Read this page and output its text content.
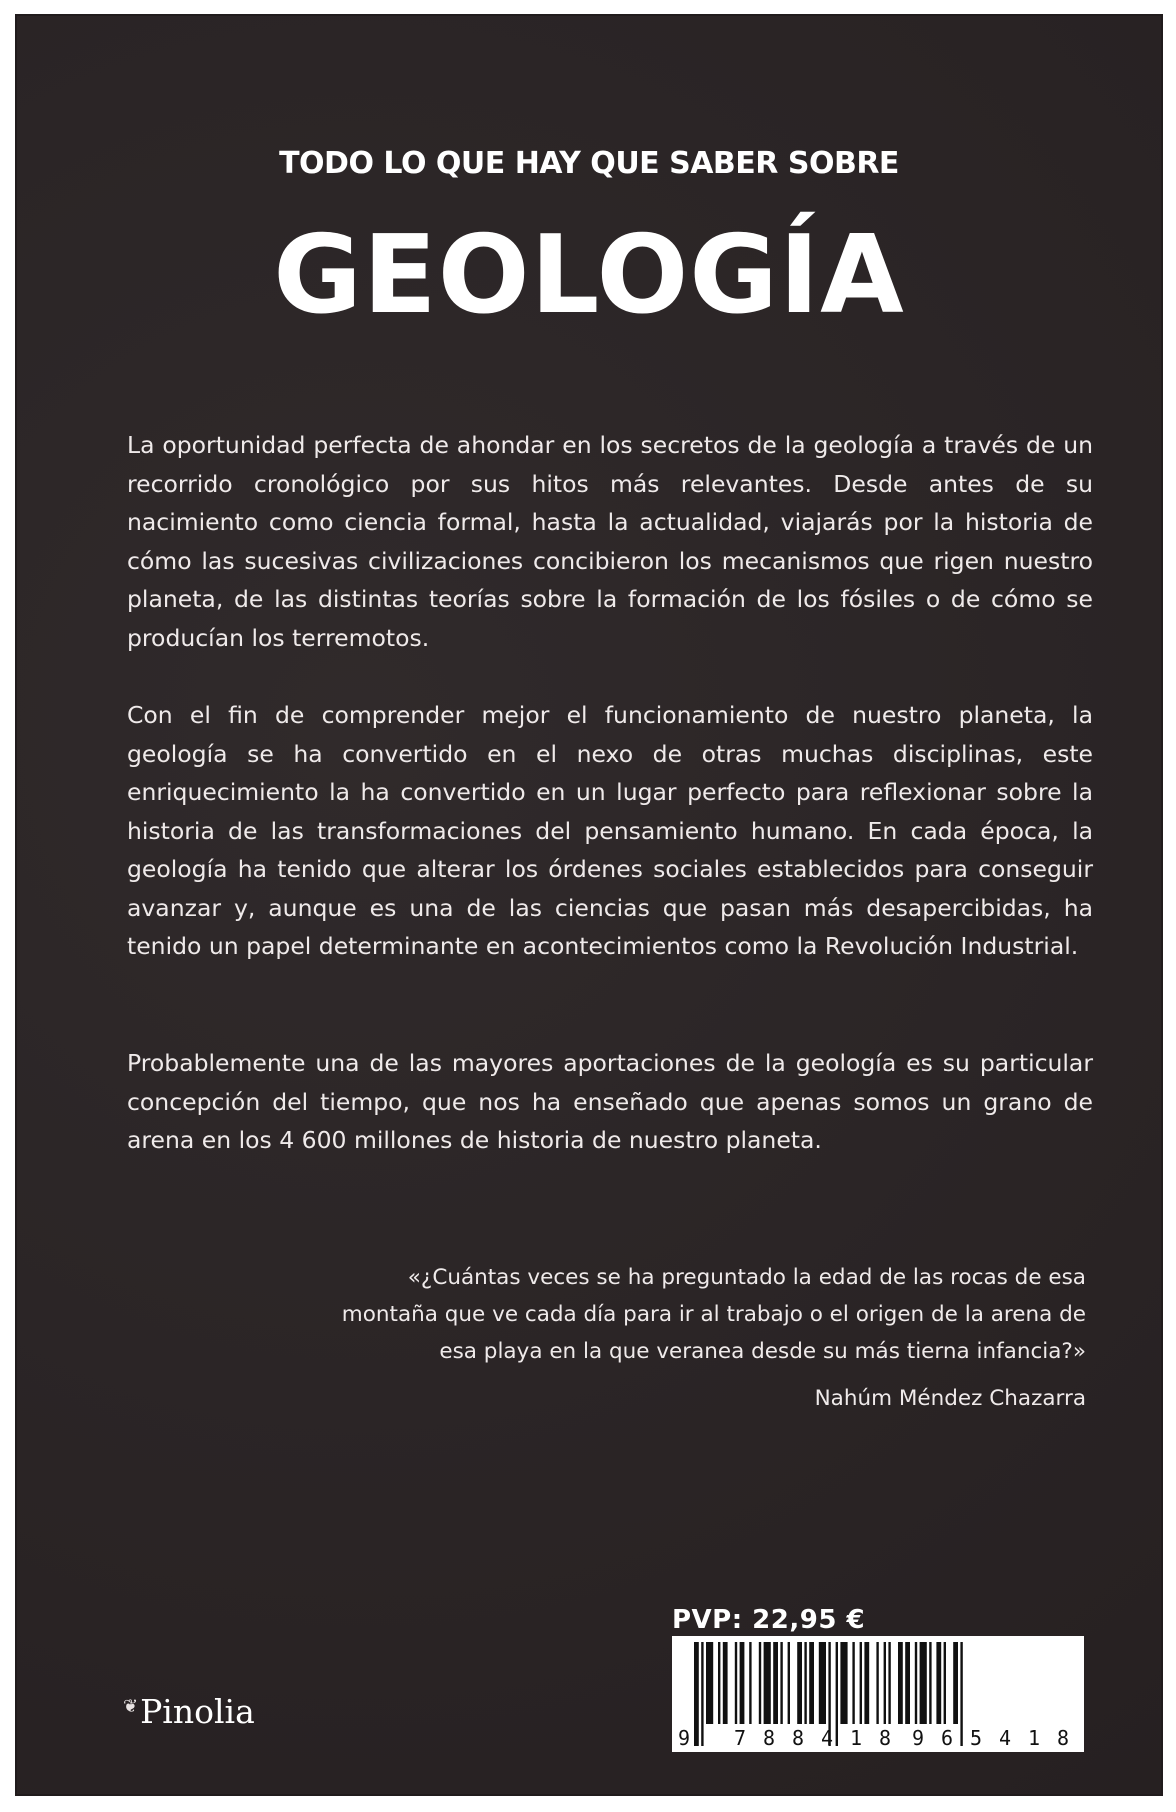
TODO LO QUE HAY QUE SABER SOBRE
GEOLOGÍA

La oportunidad perfecta de ahondar en los secretos de la geología a través de un recorrido cronológico por sus hitos más relevantes. Desde antes de su nacimiento como ciencia formal, hasta la actualidad, viajarás por la historia de cómo las sucesivas civilizaciones concibieron los mecanismos que rigen nuestro planeta, de las distintas teorías sobre la formación de los fósiles o de cómo se producían los terremotos.

Con el fin de comprender mejor el funcionamiento de nuestro planeta, la geología se ha convertido en el nexo de otras muchas disciplinas, este enriquecimiento la ha convertido en un lugar perfecto para reflexionar sobre la historia de las transformaciones del pensamiento humano. En cada época, la geología ha tenido que alterar los órdenes sociales establecidos para conseguir avanzar y, aunque es una de las ciencias que pasan más desapercibidas, ha tenido un papel determinante en acontecimientos como la Revolución Industrial.

Probablemente una de las mayores aportaciones de la geología es su particular concepción del tiempo, que nos ha enseñado que apenas somos un grano de arena en los 4 600 millones de historia de nuestro planeta.

«¿Cuántas veces se ha preguntado la edad de las rocas de esa montaña que ve cada día para ir al trabajo o el origen de la arena de esa playa en la que veranea desde su más tierna infancia?»

Nahúm Méndez Chazarra
❦ Pinolia
PVP: 22,95 €
9 7 8 8 4 1 8 9 6 5 4 1 8
